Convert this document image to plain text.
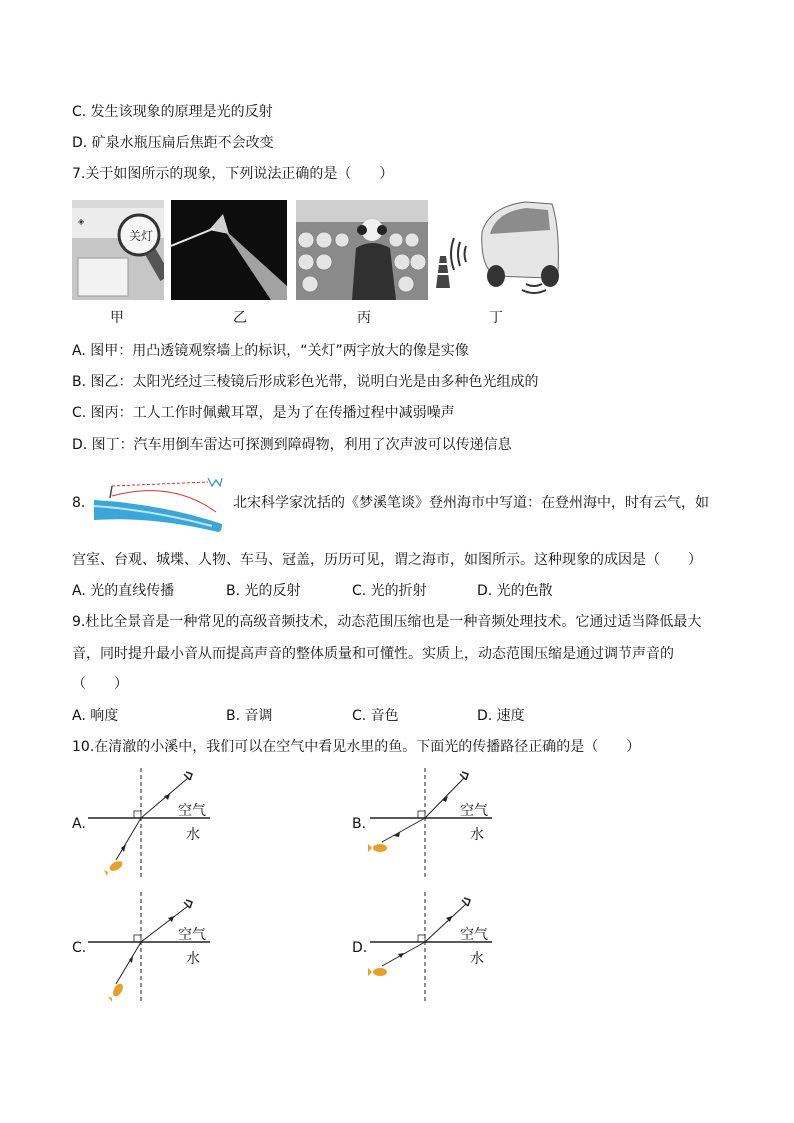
C. 发生该现象的原理是光的反射
D. 矿泉水瓶压扁后焦距不会改变
7.关于如图所示的现象，下列说法正确的是（　　）
关灯
◈
甲	乙	丙	丁
A. 图甲：用凸透镜观察墙上的标识，“关灯”两字放大的像是实像
B. 图乙：太阳光经过三棱镜后形成彩色光带，说明白光是由多种色光组成的
C. 图丙：工人工作时佩戴耳罩，是为了在传播过程中减弱噪声
D. 图丁：汽车用倒车雷达可探测到障碍物，利用了次声波可以传递信息
8.	北宋科学家沈括的《梦溪笔谈》登州海市中写道：在登州海中，时有云气，如
宫室、台观、城堞、人物、车马、冠盖，历历可见，谓之海市，如图所示。这种现象的成因是（　　）
A. 光的直线传播	B. 光的反射	C. 光的折射	D. 光的色散
9.杜比全景音是一种常见的高级音频技术，动态范围压缩也是一种音频处理技术。它通过适当降低最大
音，同时提升最小音从而提高声音的整体质量和可懂性。实质上，动态范围压缩是通过调节声音的
（　　）
A. 响度	B. 音调	C. 音色	D. 速度
10.在清澈的小溪中，我们可以在空气中看见水里的鱼。下面光的传播路径正确的是（　　）
A.
空气
水
B.
空气
水
C.
空气
水
D.
空气
水
